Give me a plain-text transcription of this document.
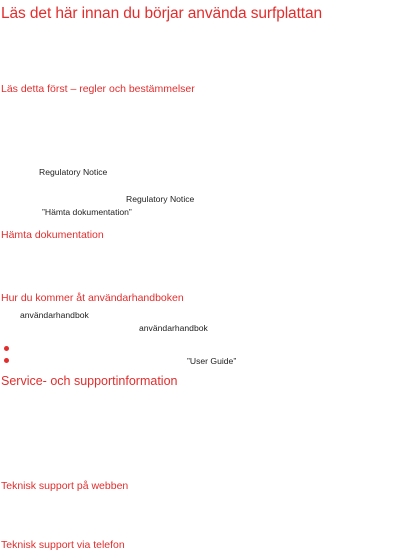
Läs det här innan du börjar använda surfplattan
Läs detta först – regler och bestämmelser
Regulatory Notice
Regulatory Notice
”Hämta dokumentation”
Hämta dokumentation
Hur du kommer åt användarhandboken
användarhandbok
användarhandbok
”User Guide”
Service- och supportinformation
Teknisk support på webben
Teknisk support via telefon
